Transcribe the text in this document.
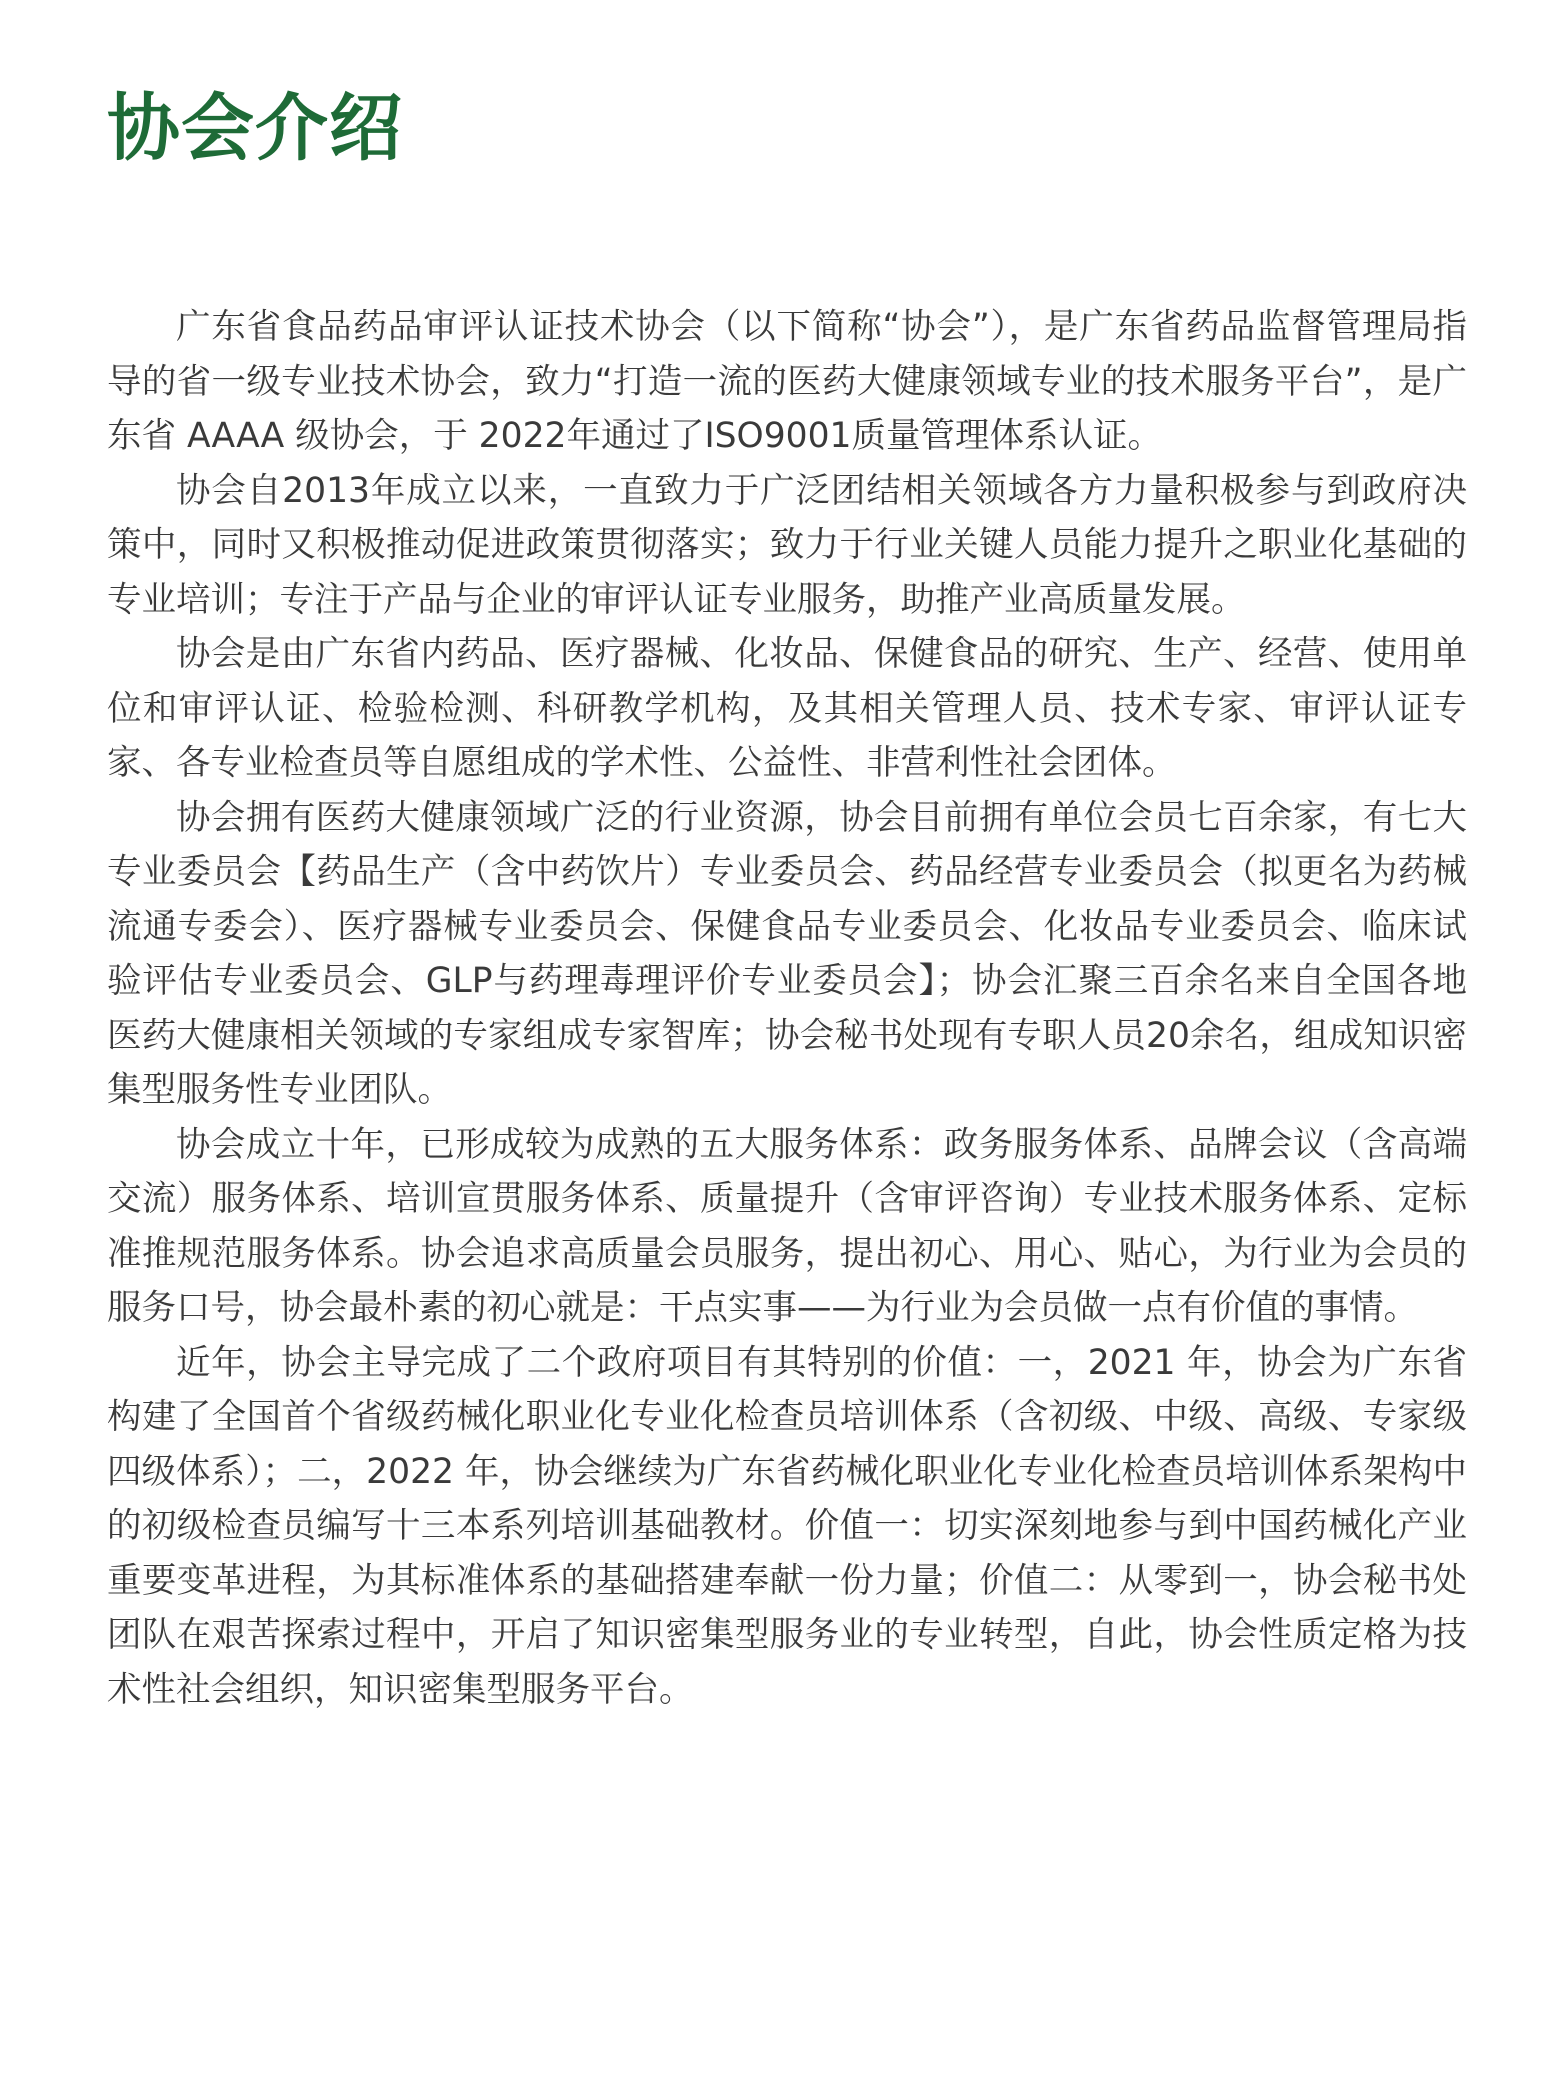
协会介绍

广东省食品药品审评认证技术协会（以下简称“协会”），是广东省药品监督管理局指导的省一级专业技术协会，致力“打造一流的医药大健康领域专业的技术服务平台”，是广东省 AAAA 级协会，于 2022年通过了ISO9001质量管理体系认证。

协会自2013年成立以来，一直致力于广泛团结相关领域各方力量积极参与到政府决策中，同时又积极推动促进政策贯彻落实；致力于行业关键人员能力提升之职业化基础的专业培训；专注于产品与企业的审评认证专业服务，助推产业高质量发展。

协会是由广东省内药品、医疗器械、化妆品、保健食品的研究、生产、经营、使用单位和审评认证、检验检测、科研教学机构，及其相关管理人员、技术专家、审评认证专家、各专业检查员等自愿组成的学术性、公益性、非营利性社会团体。

协会拥有医药大健康领域广泛的行业资源，协会目前拥有单位会员七百余家，有七大专业委员会【药品生产（含中药饮片）专业委员会、药品经营专业委员会（拟更名为药械流通专委会）、医疗器械专业委员会、保健食品专业委员会、化妆品专业委员会、临床试验评估专业委员会、GLP与药理毒理评价专业委员会】；协会汇聚三百余名来自全国各地医药大健康相关领域的专家组成专家智库；协会秘书处现有专职人员20余名，组成知识密集型服务性专业团队。

协会成立十年，已形成较为成熟的五大服务体系：政务服务体系、品牌会议（含高端交流）服务体系、培训宣贯服务体系、质量提升（含审评咨询）专业技术服务体系、定标准推规范服务体系。协会追求高质量会员服务，提出初心、用心、贴心，为行业为会员的服务口号，协会最朴素的初心就是：干点实事——为行业为会员做一点有价值的事情。

近年，协会主导完成了二个政府项目有其特别的价值：一，2021 年，协会为广东省构建了全国首个省级药械化职业化专业化检查员培训体系（含初级、中级、高级、专家级四级体系）；二，2022 年，协会继续为广东省药械化职业化专业化检查员培训体系架构中的初级检查员编写十三本系列培训基础教材。价值一：切实深刻地参与到中国药械化产业重要变革进程，为其标准体系的基础搭建奉献一份力量；价值二：从零到一，协会秘书处团队在艰苦探索过程中，开启了知识密集型服务业的专业转型，自此，协会性质定格为技术性社会组织，知识密集型服务平台。
